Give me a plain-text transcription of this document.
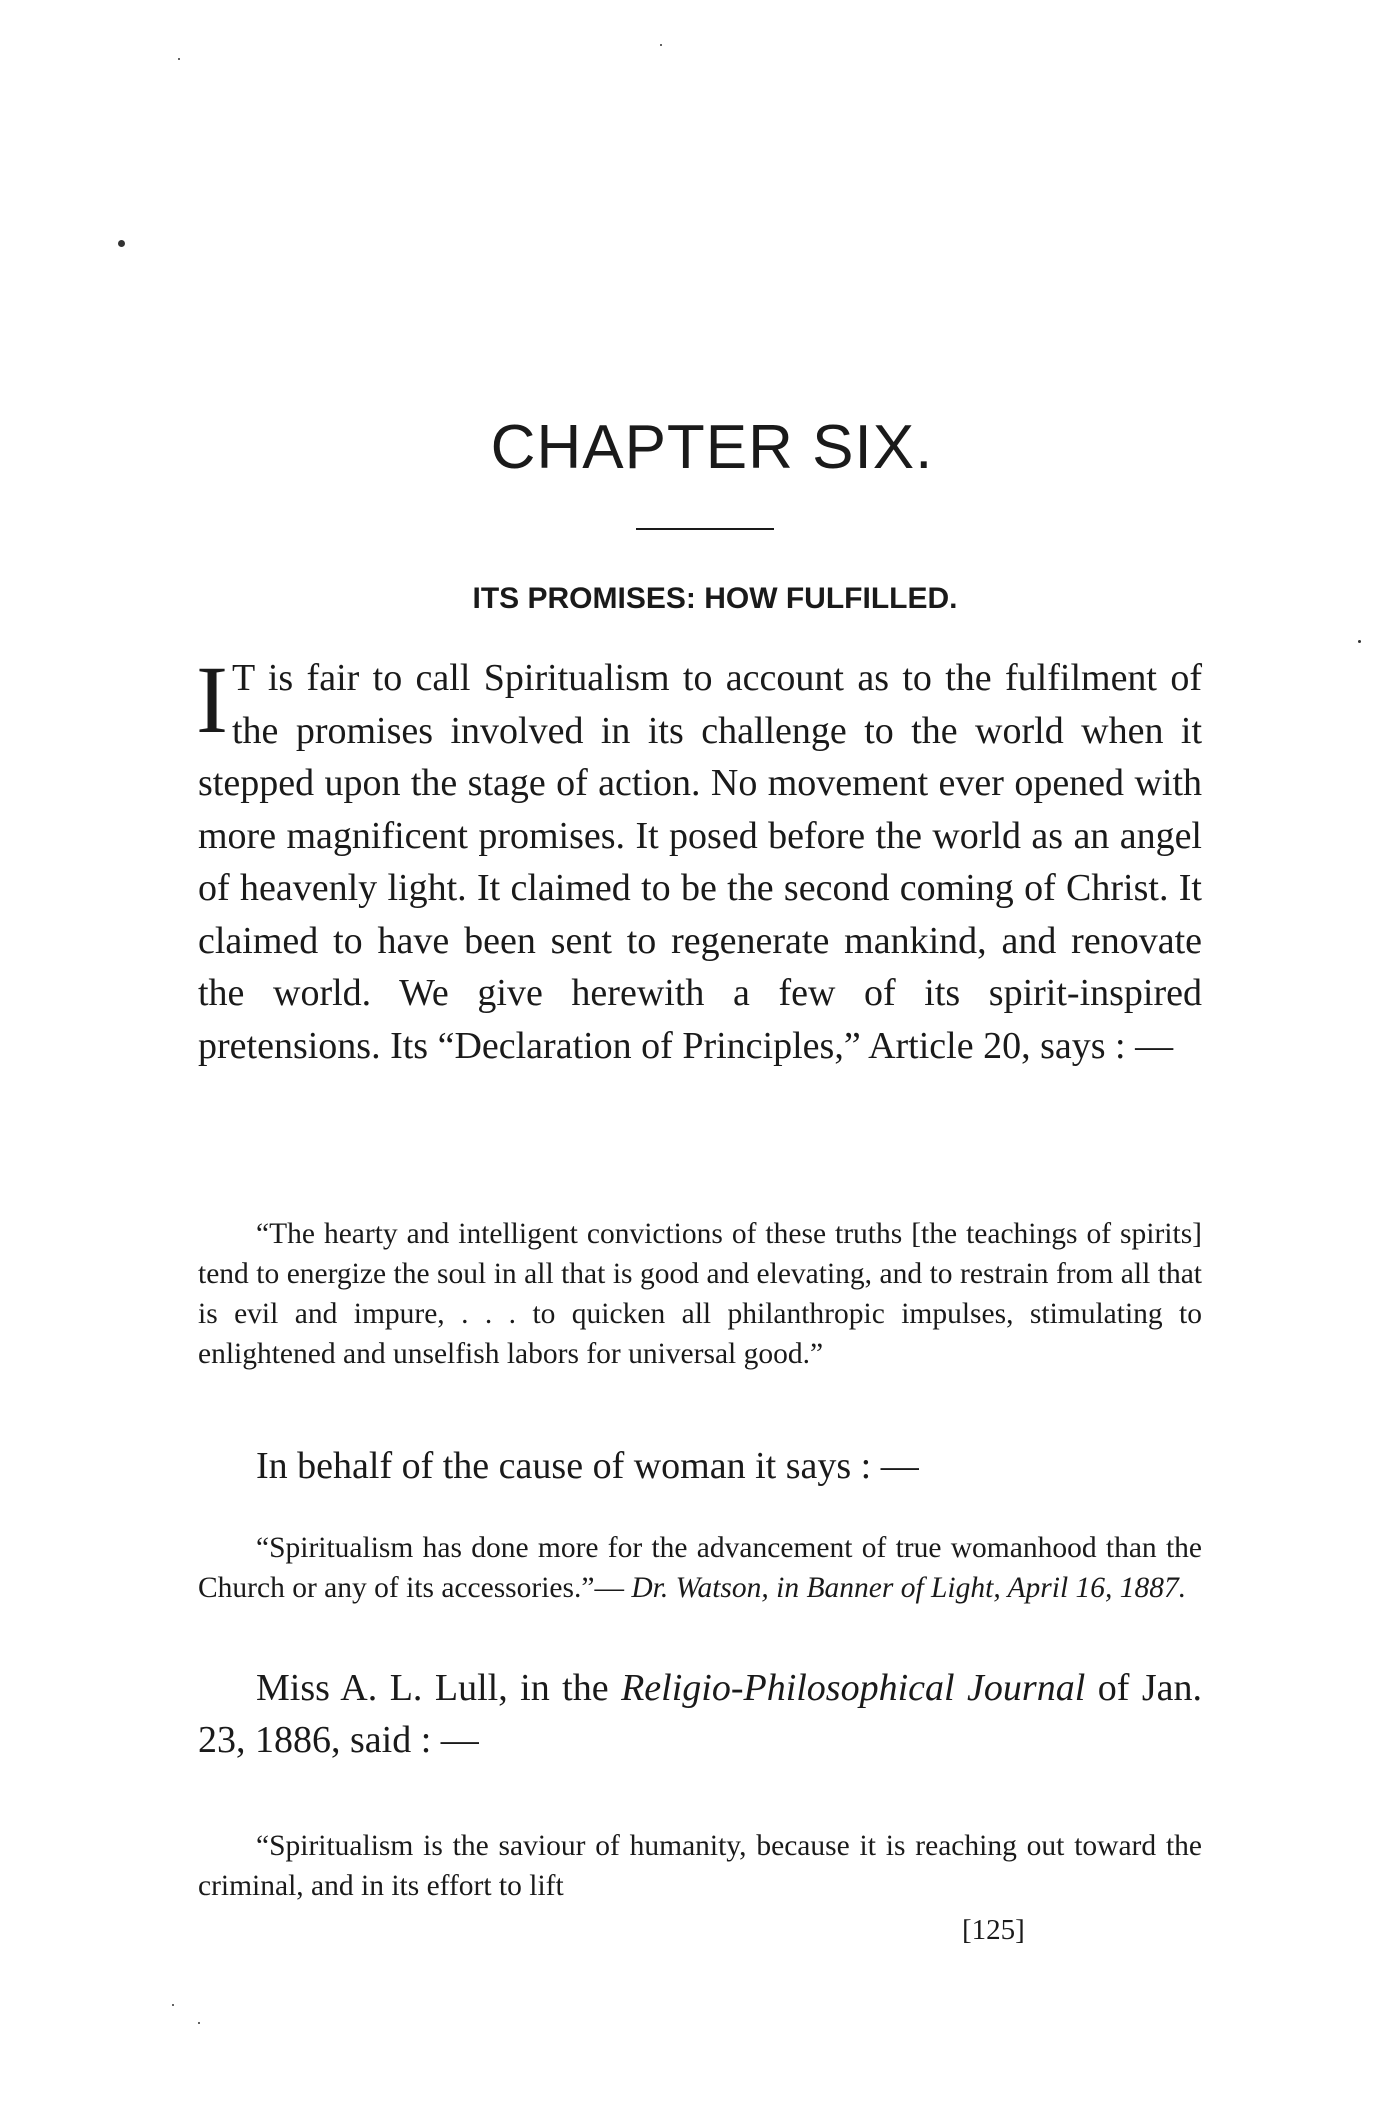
CHAPTER SIX.
ITS PROMISES: HOW FULFILLED.

I T is fair to call Spiritualism to account as to the fulfilment of the promises involved in its challenge to the world when it stepped upon the stage of action. No movement ever opened with more magnificent promises. It posed before the world as an angel of heavenly light. It claimed to be the second coming of Christ. It claimed to have been sent to regenerate mankind, and renovate the world. We give herewith a few of its spirit-inspired pretensions. Its “Declaration of Principles,” Article 20, says : —

“The hearty and intelligent convictions of these truths [the teachings of spirits] tend to energize the soul in all that is good and elevating, and to restrain from all that is evil and impure, . . . to quicken all philanthropic impulses, stimulating to enlightened and unselfish labors for universal good.”

In behalf of the cause of woman it says : —

“Spiritualism has done more for the advancement of true womanhood than the Church or any of its accessories.”— Dr. Watson, in Banner of Light, April 16, 1887.

Miss A. L. Lull, in the Religio-Philosophical Journal of Jan. 23, 1886, said : —

“Spiritualism is the saviour of humanity, because it is reaching out toward the criminal, and in its effort to lift

[125]
